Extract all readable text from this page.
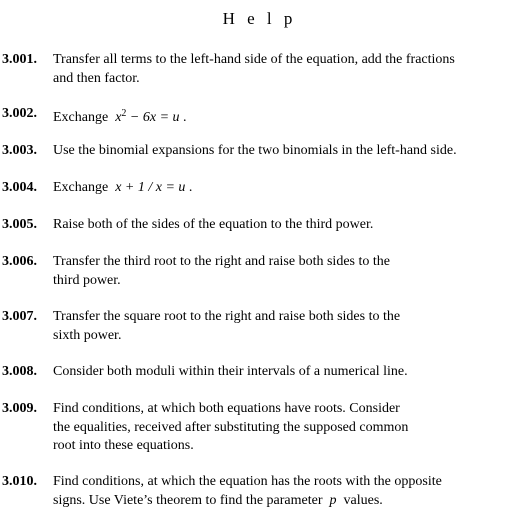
H e l p
3.001. Transfer all terms to the left-hand side of the equation, add the fractions
and then factor.
3.002. Exchange $x^2 - 6x = u$ .
3.003. Use the binomial expansions for the two binomials in the left-hand side.
3.004. Exchange x + 1 / x = u .
3.005. Raise both of the sides of the equation to the third power.
3.006. Transfer the third root to the right and raise both sides to the
third power.
3.007. Transfer the square root to the right and raise both sides to the
sixth power.
3.008. Consider both moduli within their intervals of a numerical line.
3.009. Find conditions, at which both equations have roots. Consider
the equalities, received after substituting the supposed common
root into these equations.
3.010. Find conditions, at which the equation has the roots with the opposite
signs. Use Viete’s theorem to find the parameter p values.
